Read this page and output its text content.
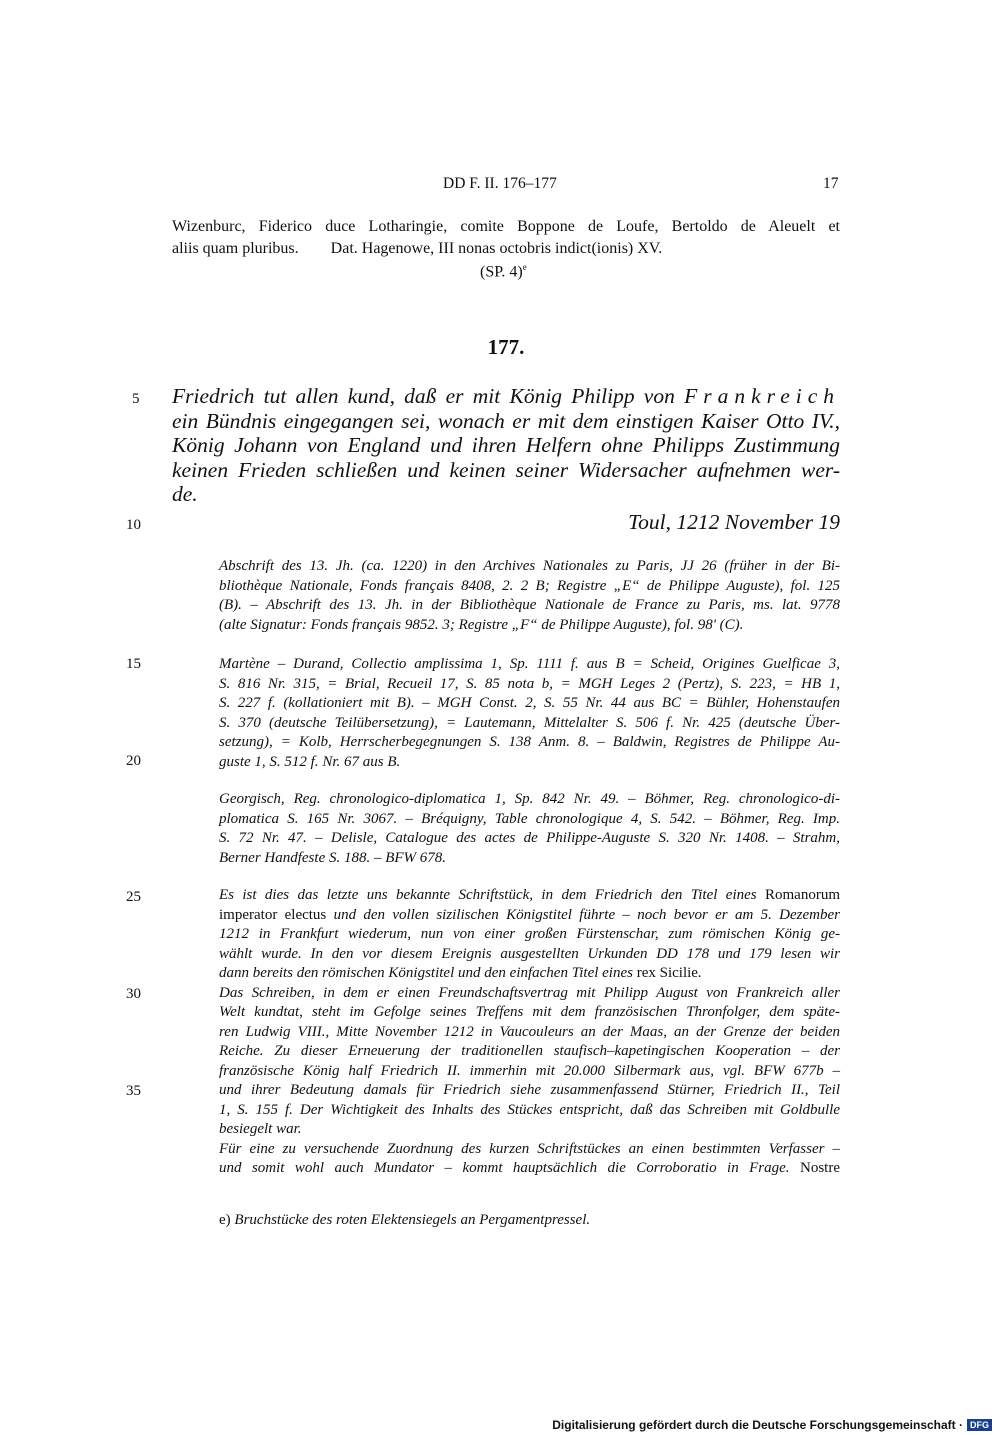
DD F. II. 176–177	17
Wizenburc, Fiderico duce Lotharingie, comite Boppone de Loufe, Bertoldo de Aleuelt et
aliis quam pluribus.        Dat. Hagenowe, III nonas octobris indict(ionis) XV.
(SP. 4)$^e$
177.
Friedrich tut allen kund, daß er mit König Philipp von Frankreich
ein Bündnis eingegangen sei, wonach er mit dem einstigen Kaiser Otto IV.,
König Johann von England und ihren Helfern ohne Philipps Zustimmung
keinen Frieden schließen und keinen seiner Widersacher aufnehmen wer-
de.
Toul, 1212 November 19
5
10
15
20
25
30
35
Abschrift des 13. Jh. (ca. 1220) in den Archives Nationales zu Paris, JJ 26 (früher in der Bi-
bliothèque Nationale, Fonds français 8408, 2. 2 B; Registre „E“ de Philippe Auguste), fol. 125
(B). – Abschrift des 13. Jh. in der Bibliothèque Nationale de France zu Paris, ms. lat. 9778
(alte Signatur: Fonds français 9852. 3; Registre „F“ de Philippe Auguste), fol. 98' (C).
Martène – Durand, Collectio amplissima 1, Sp. 1111 f. aus B = Scheid, Origines Guelficae 3,
S. 816 Nr. 315, = Brial, Recueil 17, S. 85 nota b, = MGH Leges 2 (Pertz), S. 223, = HB 1,
S. 227 f. (kollationiert mit B). – MGH Const. 2, S. 55 Nr. 44 aus BC = Bühler, Hohenstaufen
S. 370 (deutsche Teilübersetzung), = Lautemann, Mittelalter S. 506 f. Nr. 425 (deutsche Über-
setzung), = Kolb, Herrscherbegegnungen S. 138 Anm. 8. – Baldwin, Registres de Philippe Au-
guste 1, S. 512 f. Nr. 67 aus B.
Georgisch, Reg. chronologico-diplomatica 1, Sp. 842 Nr. 49. – Böhmer, Reg. chronologico-di-
plomatica S. 165 Nr. 3067. – Bréquigny, Table chronologique 4, S. 542. – Böhmer, Reg. Imp.
S. 72 Nr. 47. – Delisle, Catalogue des actes de Philippe-Auguste S. 320 Nr. 1408. – Strahm,
Berner Handfeste S. 188. – BFW 678.
Es ist dies das letzte uns bekannte Schriftstück, in dem Friedrich den Titel eines Romanorum
imperator electus und den vollen sizilischen Königstitel führte – noch bevor er am 5. Dezember
1212 in Frankfurt wiederum, nun von einer großen Fürstenschar, zum römischen König ge-
wählt wurde. In den vor diesem Ereignis ausgestellten Urkunden DD 178 und 179 lesen wir
dann bereits den römischen Königstitel und den einfachen Titel eines rex Sicilie.
Das Schreiben, in dem er einen Freundschaftsvertrag mit Philipp August von Frankreich aller
Welt kundtat, steht im Gefolge seines Treffens mit dem französischen Thronfolger, dem späte-
ren Ludwig VIII., Mitte November 1212 in Vaucouleurs an der Maas, an der Grenze der beiden
Reiche. Zu dieser Erneuerung der traditionellen staufisch–kapetingischen Kooperation – der
französische König half Friedrich II. immerhin mit 20.000 Silbermark aus, vgl. BFW 677b –
und ihrer Bedeutung damals für Friedrich siehe zusammenfassend Stürner, Friedrich II., Teil
1, S. 155 f. Der Wichtigkeit des Inhalts des Stückes entspricht, daß das Schreiben mit Goldbulle
besiegelt war.
Für eine zu versuchende Zuordnung des kurzen Schriftstückes an einen bestimmten Verfasser –
und somit wohl auch Mundator – kommt hauptsächlich die Corroboratio in Frage. Nostre
e) Bruchstücke des roten Elektensiegels an Pergamentpressel.
Digitalisierung gefördert durch die Deutsche Forschungsgemeinschaft · DFG
